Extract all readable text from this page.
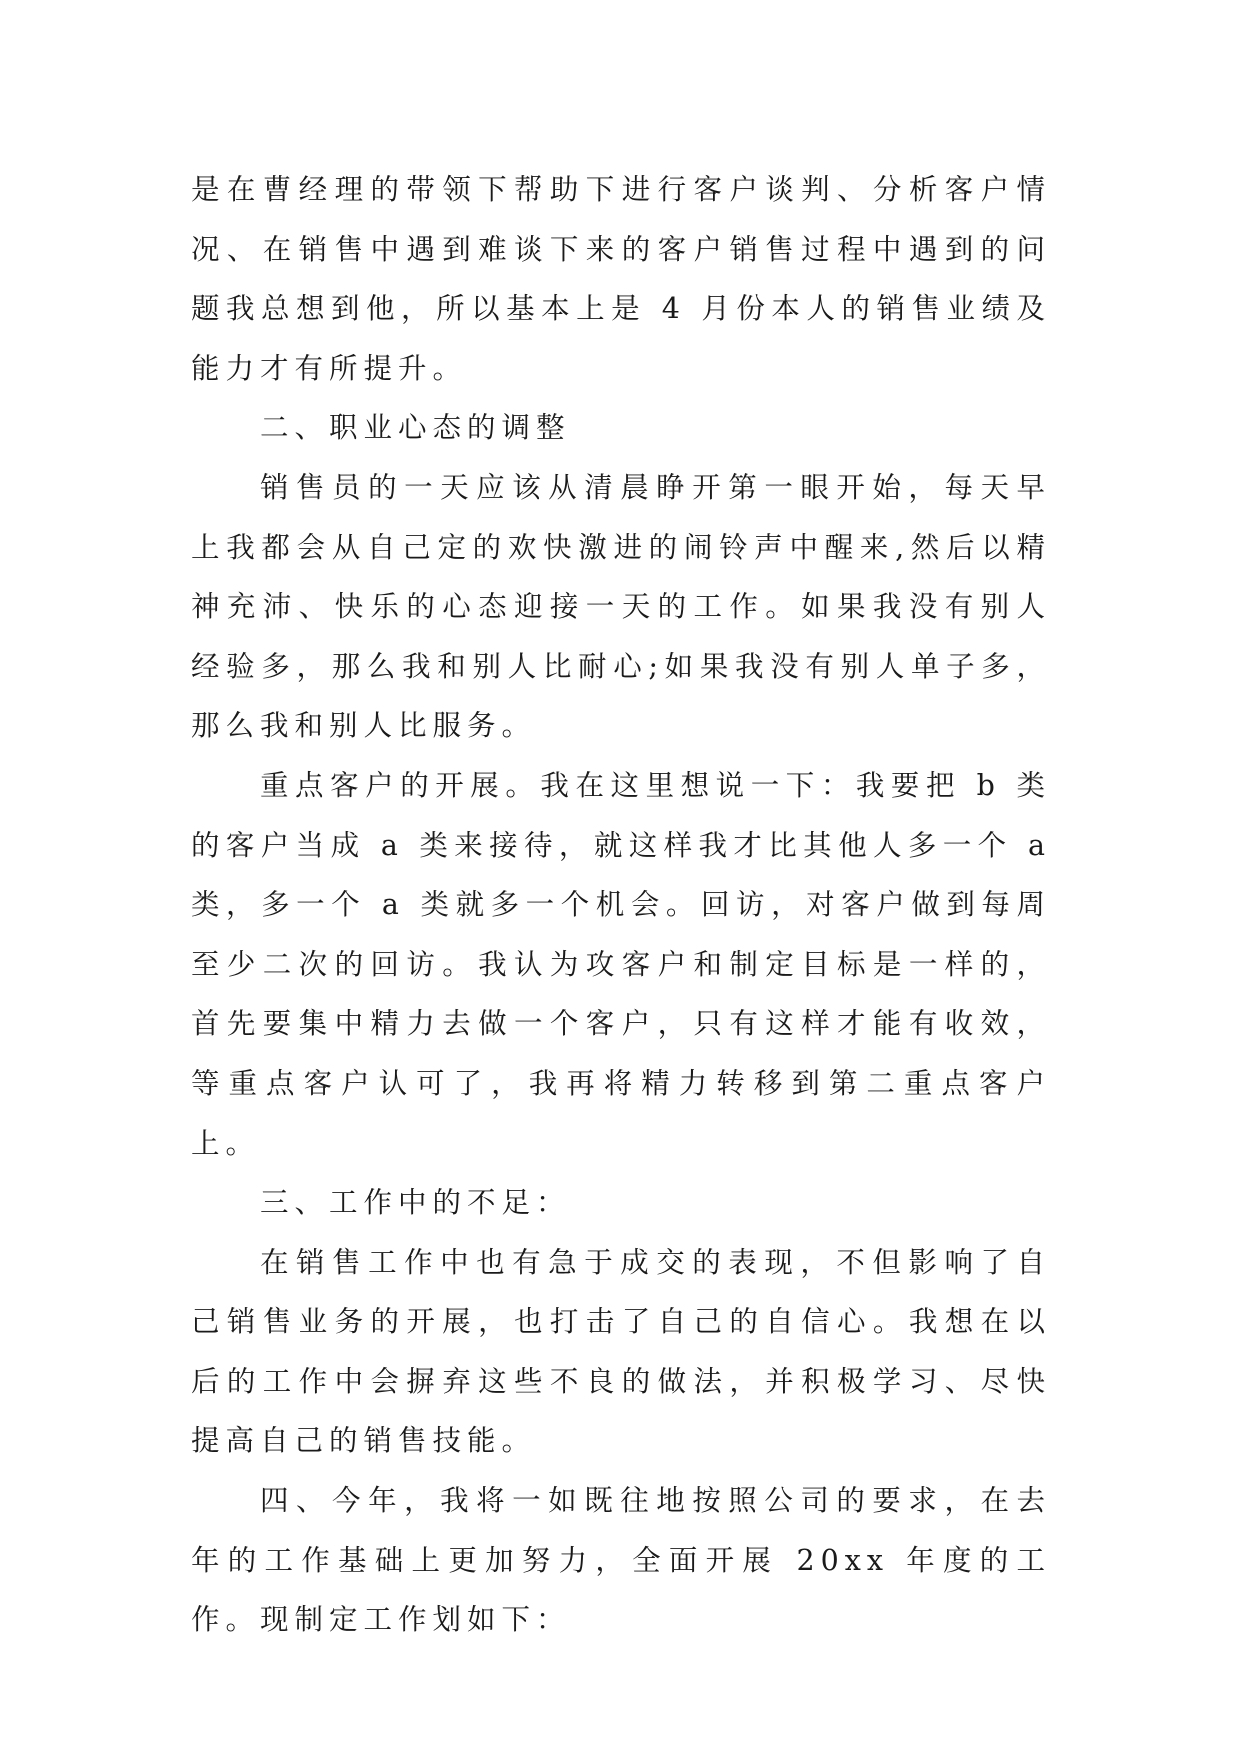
是在曹经理的带领下帮助下进行客户谈判、分析客户情况、在销售中遇到难谈下来的客户销售过程中遇到的问题我总想到他，所以基本上是 4 月份本人的销售业绩及能力才有所提升。

二、职业心态的调整

销售员的一天应该从清晨睁开第一眼开始，每天早上我都会从自己定的欢快激进的闹铃声中醒来,然后以精神充沛、快乐的心态迎接一天的工作。如果我没有别人经验多，那么我和别人比耐心;如果我没有别人单子多，那么我和别人比服务。

重点客户的开展。我在这里想说一下：我要把 b 类的客户当成 a 类来接待，就这样我才比其他人多一个 a 类，多一个 a 类就多一个机会。回访，对客户做到每周至少二次的回访。我认为攻客户和制定目标是一样的，首先要集中精力去做一个客户，只有这样才能有收效，等重点客户认可了，我再将精力转移到第二重点客户上。

三、工作中的不足：

在销售工作中也有急于成交的表现，不但影响了自己销售业务的开展，也打击了自己的自信心。我想在以后的工作中会摒弃这些不良的做法，并积极学习、尽快提高自己的销售技能。

四、今年，我将一如既往地按照公司的要求，在去年的工作基础上更加努力，全面开展 20xx 年度的工作。现制定工作划如下：
